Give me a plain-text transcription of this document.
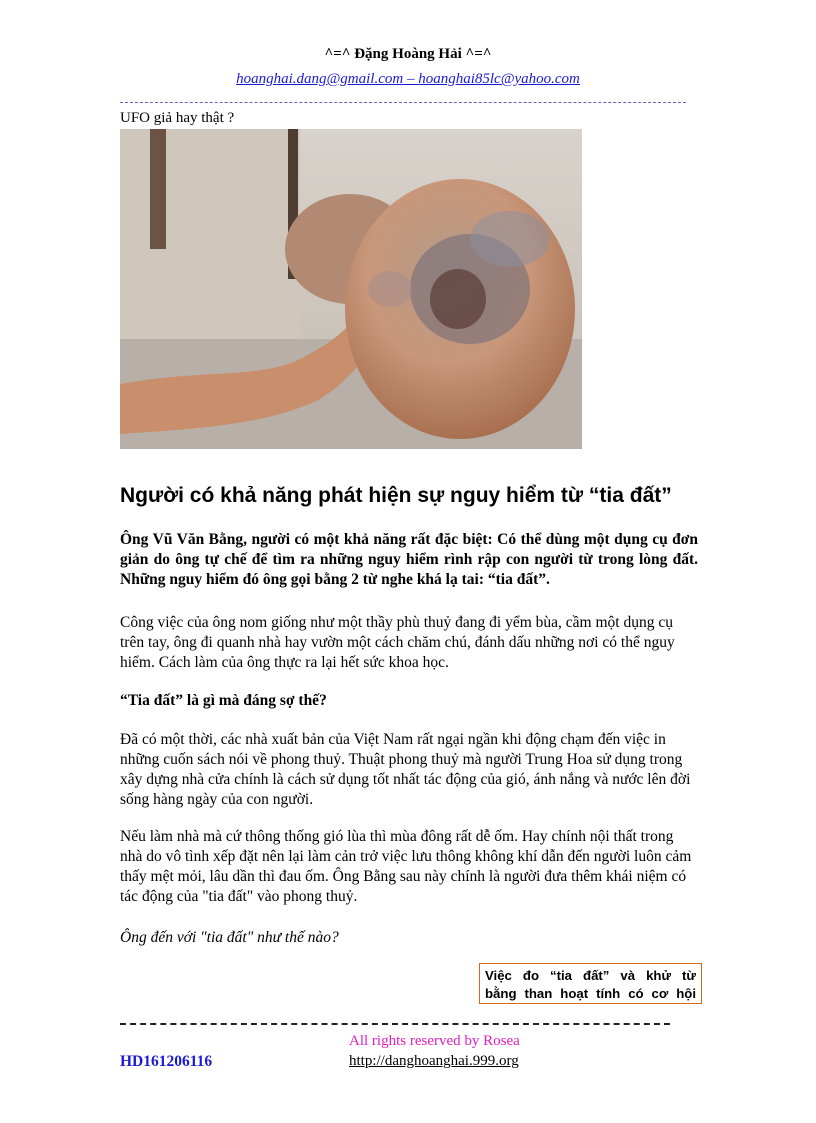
^=^ Đặng Hoàng Hải ^=^
hoanghai.dang@gmail.com – hoanghai85lc@yahoo.com
UFO giả hay thật ?
Người có khả năng phát hiện sự nguy hiểm từ “tia đất”
Ông Vũ Văn Bằng, người có một khả năng rất đặc biệt: Có thể dùng một dụng cụ đơn giản do ông tự chế để tìm ra những nguy hiểm rình rập con người từ trong lòng đất. Những nguy hiểm đó ông gọi bằng 2 từ nghe khá lạ tai: “tia đất”.
Công việc của ông nom giống như một thầy phù thuỷ đang đi yểm bùa, cầm một dụng cụ trên tay, ông đi quanh nhà hay vườn một cách chăm chú, đánh dấu những nơi có thể nguy hiểm. Cách làm của ông thực ra lại hết sức khoa học.
“Tia đất” là gì mà đáng sợ thế?
Đã có một thời, các nhà xuất bản của Việt Nam rất ngại ngần khi động chạm đến việc in những cuốn sách nói về phong thuỷ. Thuật phong thuỷ mà người Trung Hoa sử dụng trong xây dựng nhà cửa chính là cách sử dụng tốt nhất tác động của gió, ánh nắng và nước lên đời sống hàng ngày của con người.
Nếu làm nhà mà cứ thông thống gió lùa thì mùa đông rất dễ ốm. Hay chính nội thất trong nhà do vô tình xếp đặt nên lại làm cản trở việc lưu thông không khí dẫn đến người luôn cảm thấy mệt mỏi, lâu dần thì đau ốm. Ông Bằng sau này chính là người đưa thêm khái niệm có tác động của "tia đất" vào phong thuỷ.
Ông đến với "tia đất" như thế nào?
Việc đo “tia đất” và khử từ
bằng than hoạt tính có cơ hội
All rights reserved by Rosea
HD161206116	http://danghoanghai.999.org
